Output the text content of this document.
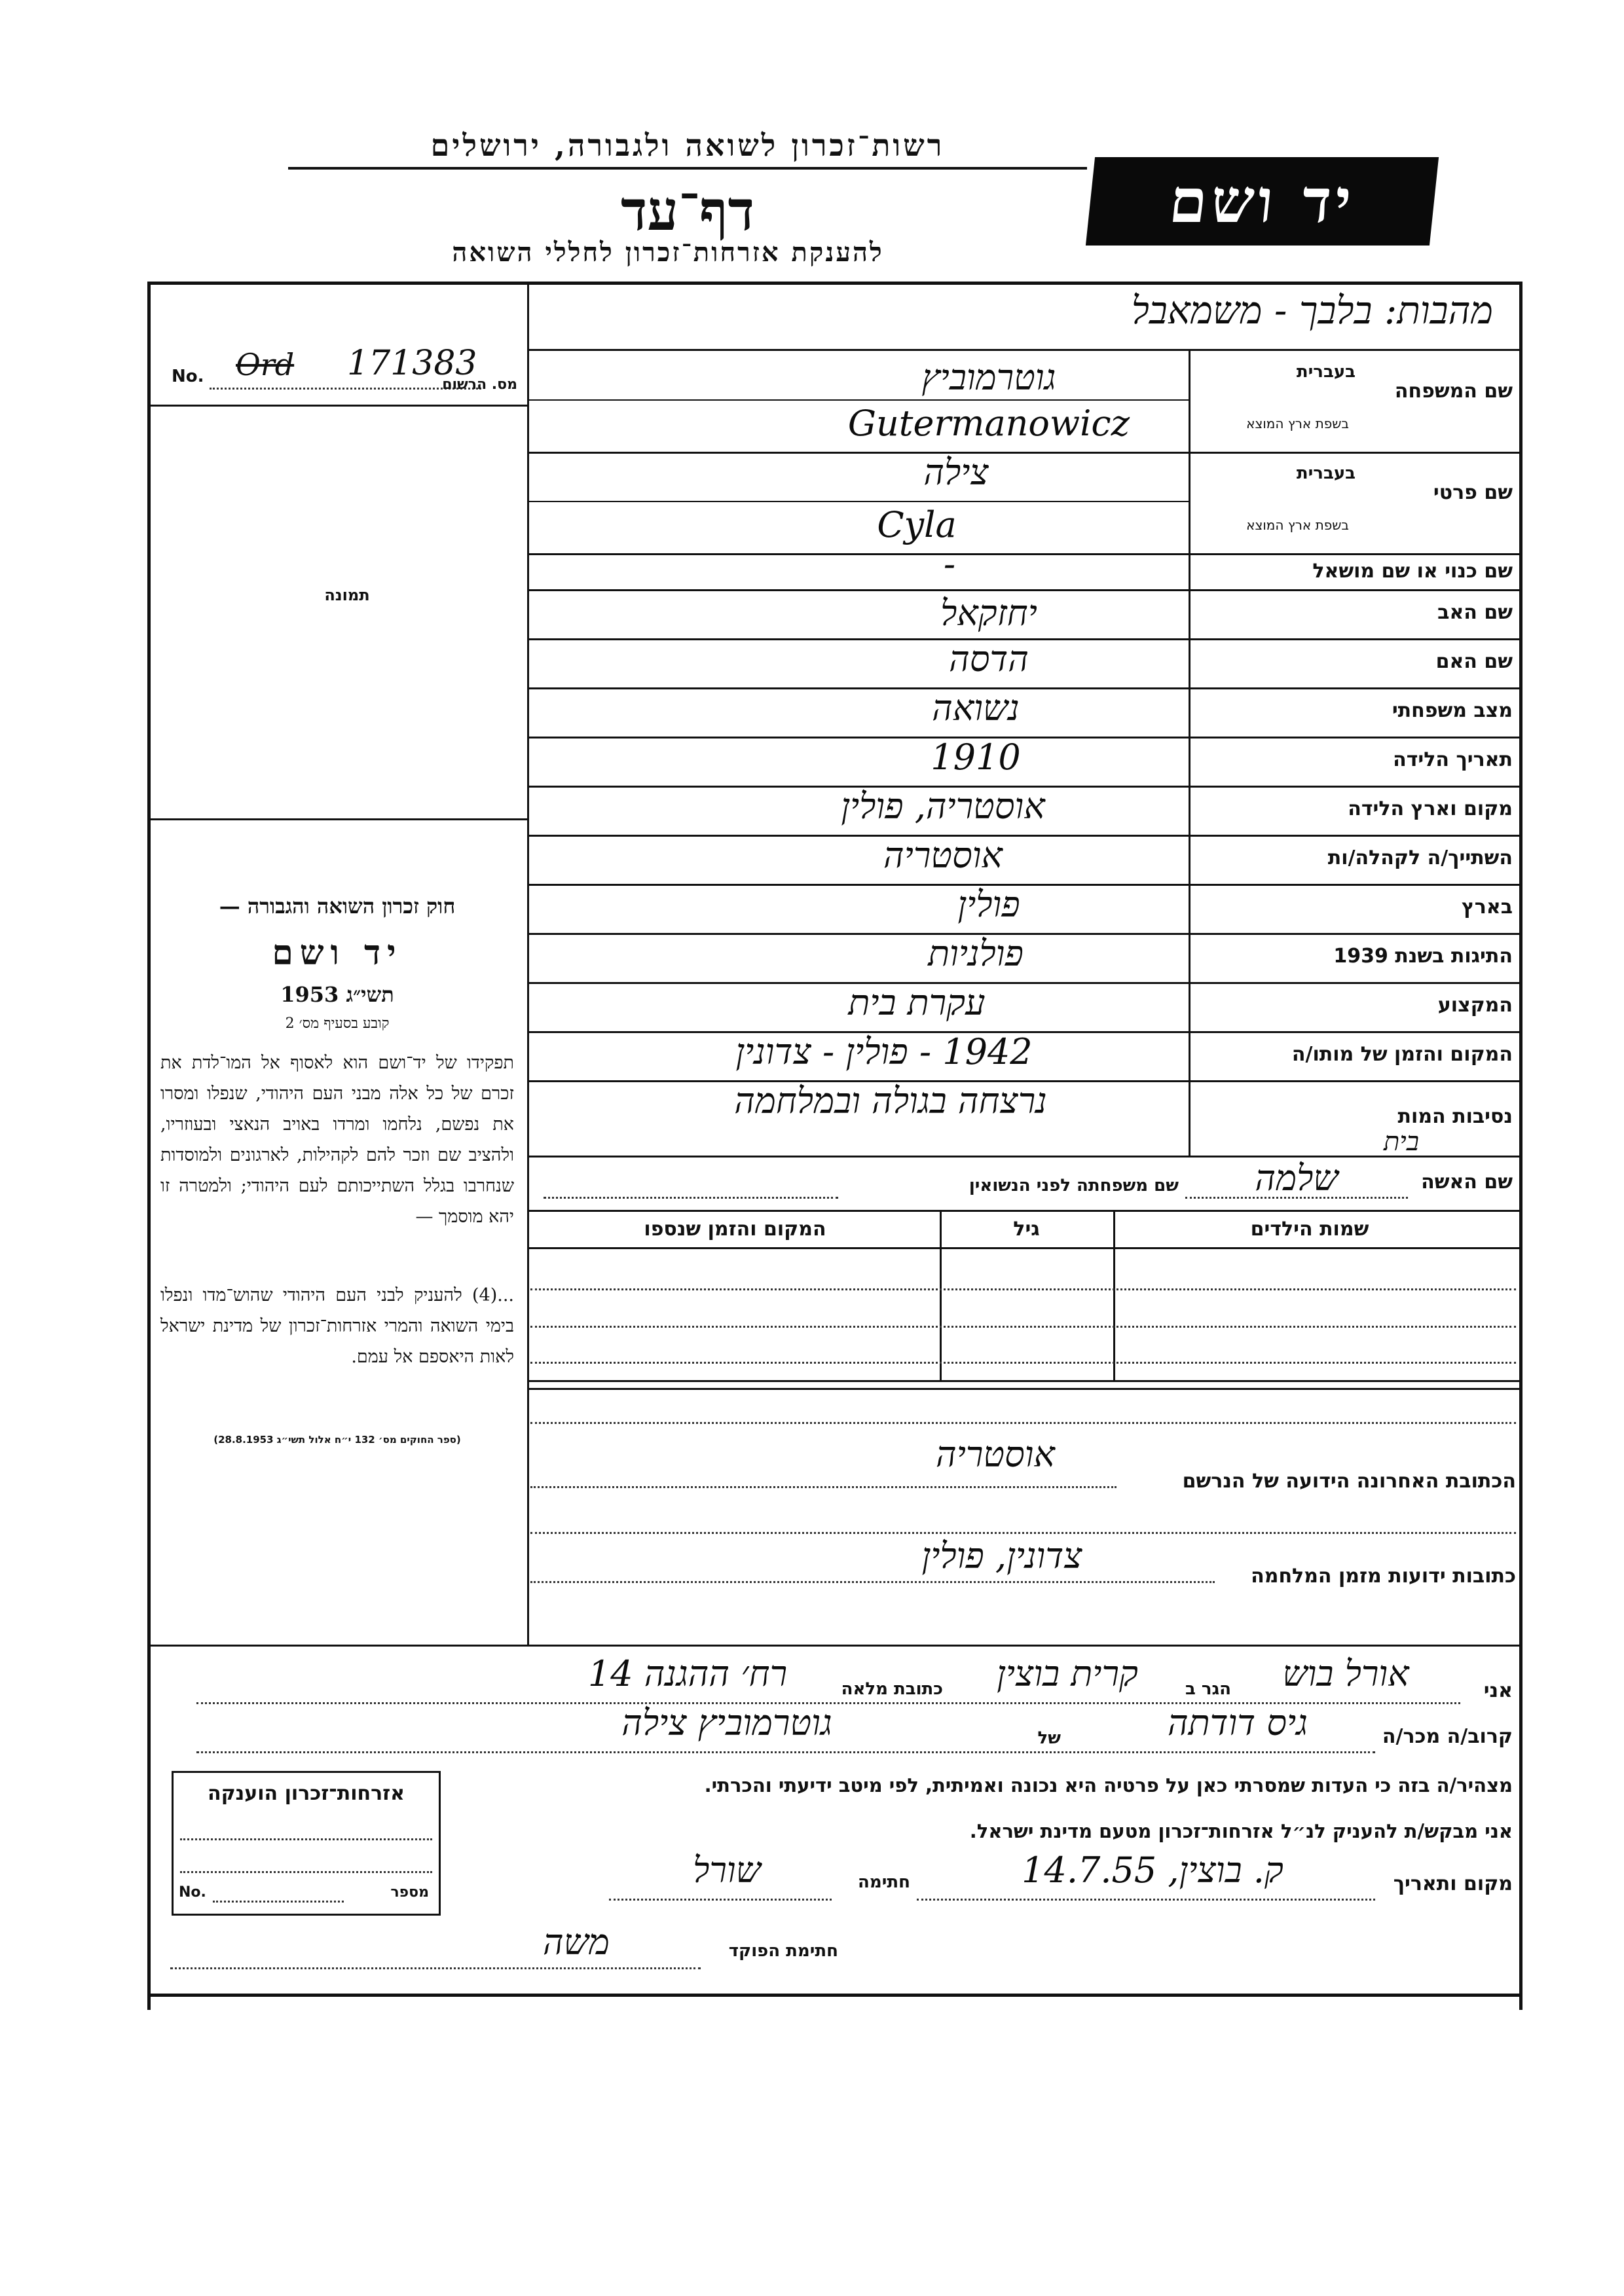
רשות־זכרון לשואה ולגבורה, ירושלים
דף־עד
להענקת אזרחות־זכרון לחללי השואה
יד ושם
מהבות: בלבך - משמאבל
No. Ord 171383
מס. הרשום
תמונה
בעברית
בשפת ארץ המוצא
שם המשפחה
בעברית
בשפת ארץ המוצא
שם פרטי
שם כנוי או שם מושאל
שם האב
שם האם
מצב משפחתי
תאריך הלידה
מקום וארץ הלידה
השתייך/ה לקהלה/ות
בארץ
התיגות בשנת 1939
המקצוע
המקום והזמן של מותו/ה
נסיבות המות
גוטרמוביץ
Gutermanowicz
צילה
Cyla
-
יחזקאל
הדסה
נשואה
1910
אוסטריה, פולין
אוסטריה
פולין
פולניות
עקרת בית
1942 - פולין - צדונין
נרצחה בגולה ובמלחמה
חוק זכרון השואה והגבורה —
יד ושם
תשי״ג 1953
קובע בסעיף מס׳ 2
תפקידו של יד־ושם הוא לאסוף אל המו־לדת את זכרם של כל אלה מבני העם היהודי, שנפלו ומסרו את נפשם, נלחמו ומרדו באויב הנאצי ובעוזריו, ולהציב שם וזכר להם לקהילות, לארגונים ולמוסדות שנחרבו בגלל השתייכותם לעם היהודי; ולמטרה זו יהא מוסמך —
...(4) להעניק לבני העם היהודי שהוש־מדו ונפלו בימי השואה והמרי אזרחות־זכרון של מדינת ישראל לאות היאספם אל עמם.
(ספר החוקים מס׳ 132 י״ח אלול תשי״ג 28.8.1953)
שם האשה
בית
שלמה
שם משפחתה לפני הנשואין
שמות הילדים
גיל
המקום והזמן שנספו
אוסטריה
הכתובת האחרונה הידועה של הנרשם
צדונין, פולין	כתובות ידועות מזמן המלחמה
אני
אורל בוש
הגר ב
קרית בוצין
כתובת מלאה
רח׳ ההגנה 14
קרוב/ה מכר/ה
גיס דודתה
של
גוטרמוביץ צילה
מצהיר/ה בזה כי העדות שמסרתי כאן על פרטיה היא נכונה ואמיתית, לפי מיטב ידיעתי והכרתי.
אני מבקש/ת להעניק לנ״ל אזרחות־זכרון מטעם מדינת ישראל.
מקום ותאריך
ק. בוצין, 14.7.55
חתימה
שורל
חתימת הפוקד
משה
אזרחות־זכרון הוענקה
No.	מספר
